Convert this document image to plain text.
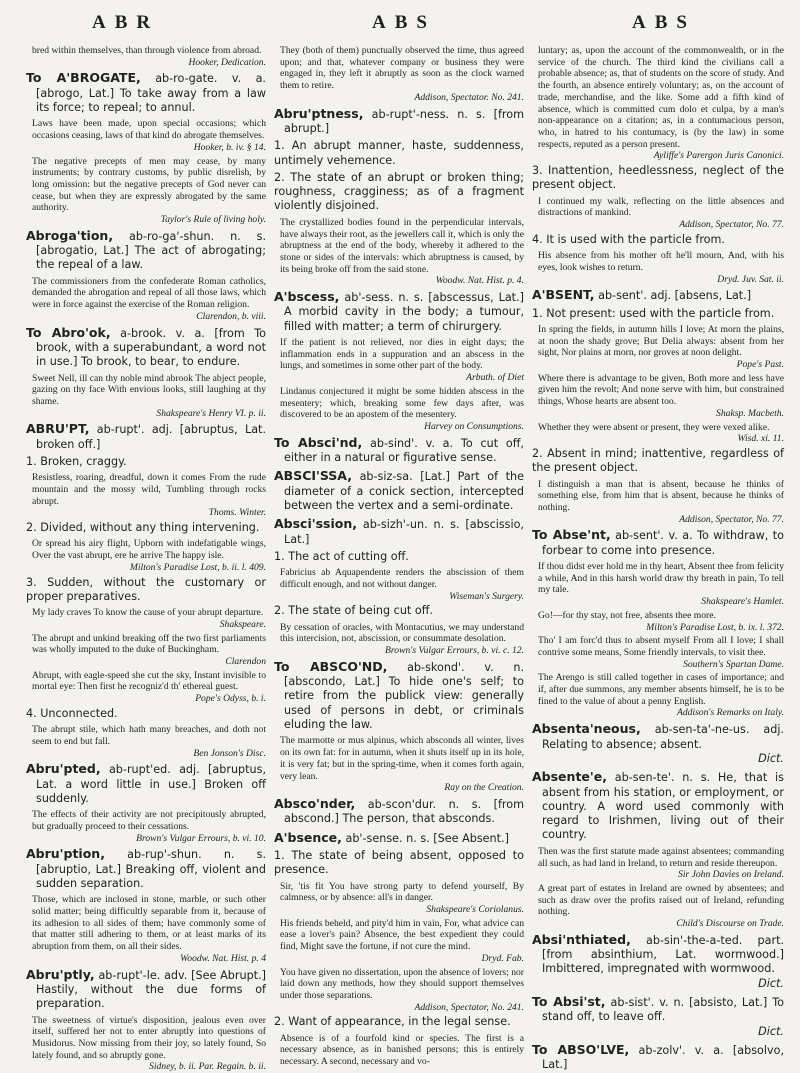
ABR	ABS	ABS
bred within themselves, than through violence from abroad.
Hooker, Dedication.
To A'BROGATE, ab-ro-gate. v. a. [abrogo, Lat.] To take away from a law its force; to repeal; to annul.
Laws have been made, upon special occasions; which occasions ceasing, laws of that kind do abrogate themselves.
Hooker, b. iv. § 14.
The negative precepts of men may cease, by many instruments; by contrary customs, by public disrelish, by long omission: but the negative precepts of God never can cease, but when they are expressly abrogated by the same authority.
Taylor's Rule of living holy.
Abroga'tion, ab-ro-ga'-shun. n. s. [abrogatio, Lat.] The act of abrogating; the repeal of a law.
The commissioners from the confederate Roman catholics, demanded the abrogation and repeal of all those laws, which were in force against the exercise of the Roman religion.
Clarendon, b. viii.
To Abro'ok, a-brook. v. a. [from To brook, with a superabundant, a word not in use.] To brook, to bear, to endure.
Sweet Nell, ill can thy noble mind abrook The abject people, gazing on thy face With envious looks, still laughing at thy shame.
Shakspeare's Henry VI. p. ii.
ABRU'PT, ab-rupt'. adj. [abruptus, Lat. broken off.]
1. Broken, craggy.
Resistless, roaring, dreadful, down it comes From the rude mountain and the mossy wild, Tumbling through rocks abrupt.
Thoms. Winter.
2. Divided, without any thing intervening.
Or spread his airy flight, Upborn with indefatigable wings, Over the vast abrupt, ere he arrive The happy isle.
Milton's Paradise Lost, b. ii. l. 409.
3. Sudden, without the customary or proper preparatives.
My lady craves To know the cause of your abrupt departure.
Shakspeare.
The abrupt and unkind breaking off the two first parliaments was wholly imputed to the duke of Buckingham.
Clarendon
Abrupt, with eagle-speed she cut the sky, Instant invisible to mortal eye: Then first he recogniz'd th' ethereal guest.
Pope's Odyss, b. i.
4. Unconnected.
The abrupt stile, which hath many breaches, and doth not seem to end but fall.
Ben Jonson's Disc.
Abru'pted, ab-rupt'ed. adj. [abruptus, Lat. a word little in use.] Broken off suddenly.
The effects of their activity are not precipitously abrupted, but gradually proceed to their cessations.
Brown's Vulgar Errours, b. vi. 10.
Abru'ption, ab-rup'-shun. n. s. [abruptio, Lat.] Breaking off, violent and sudden separation.
Those, which are inclosed in stone, marble, or such other solid matter; being difficultly separable from it, because of its adhesion to all sides of them; have commonly some of that matter still adhering to them, or at least marks of its abruption from them, on all their sides.
Woodw. Nat. Hist. p. 4
Abru'ptly, ab-rupt'-le. adv. [See Abrupt.] Hastily, without the due forms of preparation.
The sweetness of virtue's disposition, jealous even over itself, suffered her not to enter abruptly into questions of Musidorus. Now missing from their joy, so lately found, So lately found, and so abruptly gone.
Sidney, b. ii. Par. Regain. b. ii.
They (both of them) punctually observed the time, thus agreed upon; and that, whatever company or business they were engaged in, they left it abruptly as soon as the clock warned them to retire.
Addison, Spectator. No. 241.
Abru'ptness, ab-rupt'-ness. n. s. [from abrupt.]
1. An abrupt manner, haste, suddenness, untimely vehemence.
2. The state of an abrupt or broken thing; roughness, cragginess; as of a fragment violently disjoined.
The crystallized bodies found in the perpendicular intervals, have always their root, as the jewellers call it, which is only the abruptness at the end of the body, whereby it adhered to the stone or sides of the intervals: which abruptness is caused, by its being broke off from the said stone.
Woodw. Nat. Hist. p. 4.
A'bscess, ab'-sess. n. s. [abscessus, Lat.] A morbid cavity in the body; a tumour, filled with matter; a term of chirurgery.
If the patient is not relieved, nor dies in eight days; the inflammation ends in a suppuration and an abscess in the lungs, and sometimes in some other part of the body.
Arbuth. of Diet
Lindanus conjectured it might be some hidden abscess in the mesentery; which, breaking some few days after, was discovered to be an apostem of the mesentery.
Harvey on Consumptions.
To Absci'nd, ab-sind'. v. a. To cut off, either in a natural or figurative sense.
ABSCI'SSA, ab-siz-sa. [Lat.] Part of the diameter of a conick section, intercepted between the vertex and a semi-ordinate.
Absci'ssion, ab-sizh'-un. n. s. [abscissio, Lat.]
1. The act of cutting off.
Fabricius ab Aquapendente renders the abscission of them difficult enough, and not without danger.
Wiseman's Surgery.
2. The state of being cut off.
By cessation of oracles, with Montacutius, we may understand this intercision, not, abscission, or consummate desolation.
Brown's Vulgar Errours, b. vi. c. 12.
To ABSCO'ND, ab-skond'. v. n. [abscondo, Lat.] To hide one's self; to retire from the publick view: generally used of persons in debt, or criminals eluding the law.
The marmotte or mus alpinus, which absconds all winter, lives on its own fat: for in autumn, when it shuts itself up in its hole, it is very fat; but in the spring-time, when it comes forth again, very lean.
Ray on the Creation.
Absco'nder, ab-scon'dur. n. s. [from abscond.] The person, that absconds.
A'bsence, ab'-sense. n. s. [See Absent.]
1. The state of being absent, opposed to presence.
Sir, 'tis fit You have strong party to defend yourself, By calmness, or by absence: all's in danger.
Shakspeare's Coriolanus.
His friends beheld, and pity'd him in vain, For, what advice can ease a lover's pain? Absence, the best expedient they could find, Might save the fortune, if not cure the mind.
Dryd. Fab.
You have given no dissertation, upon the absence of lovers; nor laid down any methods, how they should support themselves under those separations.
Addison, Spectator, No. 241.
2. Want of appearance, in the legal sense.
Absence is of a fourfold kind or species. The first is a necessary absence, as in banished persons; this is entirely necessary. A second, necessary and vo-
luntary; as, upon the account of the commonwealth, or in the service of the church. The third kind the civilians call a probable absence; as, that of students on the score of study. And the fourth, an absence entirely voluntary; as, on the account of trade, merchandise, and the like. Some add a fifth kind of absence, which is committed cum dolo et culpa, by a man's non-appearance on a citation; as, in a contumacious person, who, in hatred to his contumacy, is (by the law) in some respects, reputed as a person present.
Ayliffe's Parergon Juris Canonici.
3. Inattention, heedlessness, neglect of the present object.
I continued my walk, reflecting on the little absences and distractions of mankind.
Addison, Spectator, No. 77.
4. It is used with the particle from.
His absence from his mother oft he'll mourn, And, with his eyes, look wishes to return.
Dryd. Juv. Sat. ii.
A'BSENT, ab-sent'. adj. [absens, Lat.]
1. Not present: used with the particle from.
In spring the fields, in autumn hills I love; At morn the plains, at noon the shady grove; But Delia always: absent from her sight, Nor plains at morn, nor groves at noon delight.
Pope's Past.
Where there is advantage to be given, Both more and less have given him the revolt; And none serve with him, but constrained things, Whose hearts are absent too.
Shaksp. Macbeth.
Whether they were absent or present, they were vexed alike.
Wisd. xi. 11.
2. Absent in mind; inattentive, regardless of the present object.
I distinguish a man that is absent, because he thinks of something else, from him that is absent, because he thinks of nothing.
Addison, Spectator, No. 77.
To Abse'nt, ab-sent'. v. a. To withdraw, to forbear to come into presence.
If thou didst ever hold me in thy heart, Absent thee from felicity a while, And in this harsh world draw thy breath in pain, To tell my tale.
Shakspeare's Hamlet.
Go!—for thy stay, not free, absents thee more.
Milton's Paradise Lost, b. ix. l. 372.
Tho' I am forc'd thus to absent myself From all I love; I shall contrive some means, Some friendly intervals, to visit thee.
Southern's Spartan Dame.
The Arengo is still called together in cases of importance; and if, after due summons, any member absents himself, he is to be fined to the value of about a penny English.
Addison's Remarks on Italy.
Absenta'neous, ab-sen-ta'-ne-us. adj. Relating to absence; absent.
Dict.
Absente'e, ab-sen-te'. n. s. He, that is absent from his station, or employment, or country. A word used commonly with regard to Irishmen, living out of their country.
Then was the first statute made against absentees; commanding all such, as had land in Ireland, to return and reside thereupon.
Sir John Davies on Ireland.
A great part of estates in Ireland are owned by absentees; and such as draw over the profits raised out of Ireland, refunding nothing.
Child's Discourse on Trade.
Absi'nthiated, ab-sin'-the-a-ted. part. [from absinthium, Lat. wormwood.] Imbittered, impregnated with wormwood.
Dict.
To Absi'st, ab-sist'. v. n. [absisto, Lat.] To stand off, to leave off.
Dict.
To ABSO'LVE, ab-zolv'. v. a. [absolvo, Lat.]
